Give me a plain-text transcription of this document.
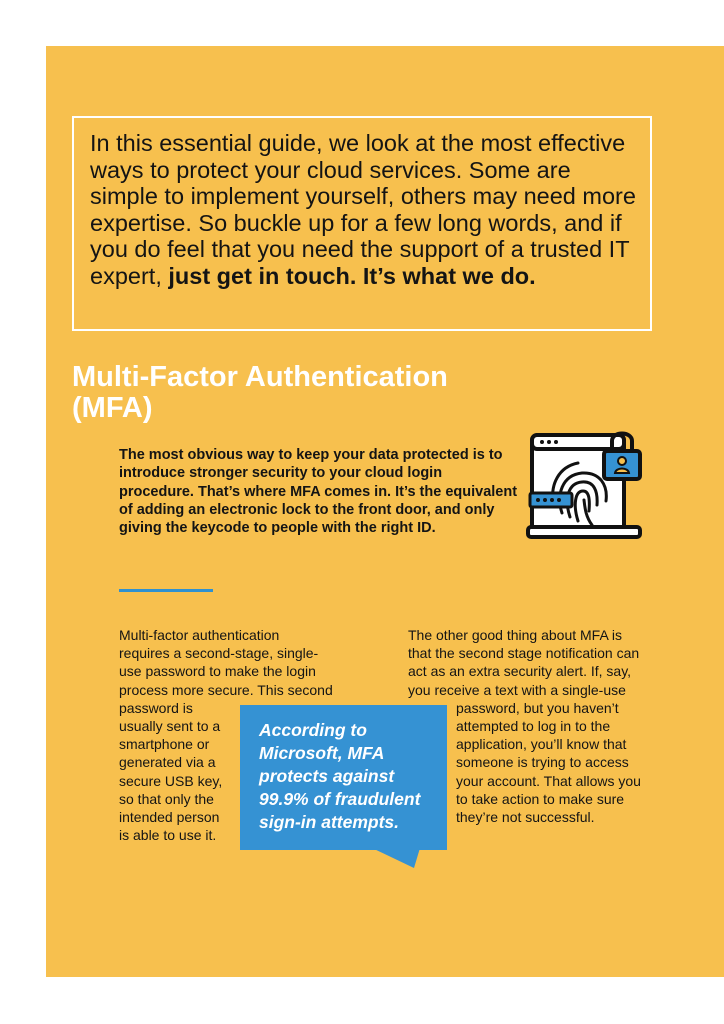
In this essential guide, we look at the most effective ways to protect your cloud services. Some are simple to implement yourself, others may need more expertise. So buckle up for a few long words, and if you do feel that you need the support of a trusted IT expert, just get in touch. It’s what we do.
Multi-Factor Authentication (MFA)

The most obvious way to keep your data protected is to introduce stronger security to your cloud login procedure. That’s where MFA comes in. It’s the equivalent of adding an electronic lock to the front door, and only giving the keycode to people with the right ID.

Multi-factor authentication

requires a second-stage, single-

use password to make the login

process more secure. This second

password is

usually sent to a

smartphone or

generated via a

secure USB key,

so that only the

intended person

is able to use it.

The other good thing about MFA is

that the second stage notification can

act as an extra security alert. If, say,

you receive a text with a single-use

password, but you haven’t

attempted to log in to the

application, you’ll know that

someone is trying to access

your account. That allows you

to take action to make sure

they’re not successful.

According to Microsoft, MFA protects against 99.9% of fraudulent sign-in attempts.
